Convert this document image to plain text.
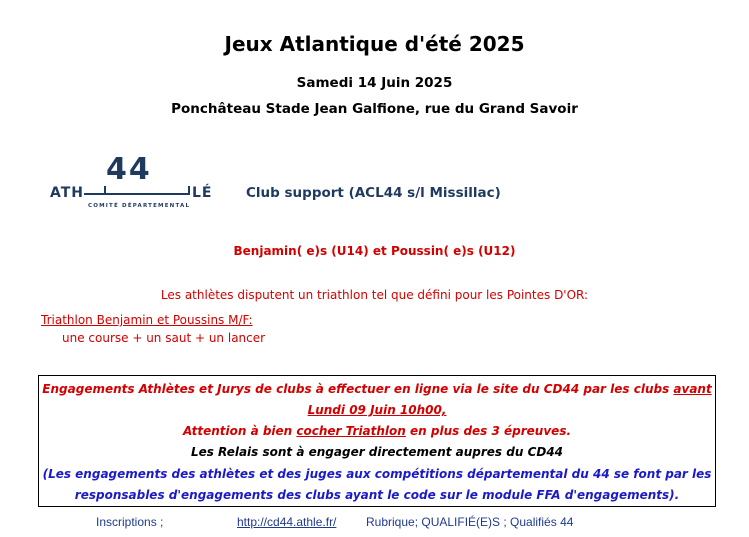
Jeux Atlantique d'été 2025
Samedi 14 Juin 2025
Ponchâteau Stade Jean Galfione, rue du Grand Savoir
44
ATH	LÉ
COMITÉ DÉPARTEMENTAL
Club support (ACL44 s/l Missillac)
Benjamin( e)s (U14) et Poussin( e)s (U12)
Les athlètes disputent un triathlon tel que défini pour les Pointes D'OR:
Triathlon Benjamin et Poussins M/F:
une course + un saut + un lancer
Engagements Athlètes et Jurys de clubs à effectuer en ligne via le site du CD44 par les clubs avant
Lundi 09 Juin 10h00,
Attention à bien cocher Triathlon en plus des 3 épreuves.
Les Relais sont à engager directement aupres du CD44
(Les engagements des athlètes et des juges aux compétitions départemental du 44 se font par les
responsables d'engagements des clubs ayant le code sur le module FFA d'engagements).
Inscriptions ;	http://cd44.athle.fr/ Rubrique; QUALIFIÉ(E)S ; Qualifiés 44
